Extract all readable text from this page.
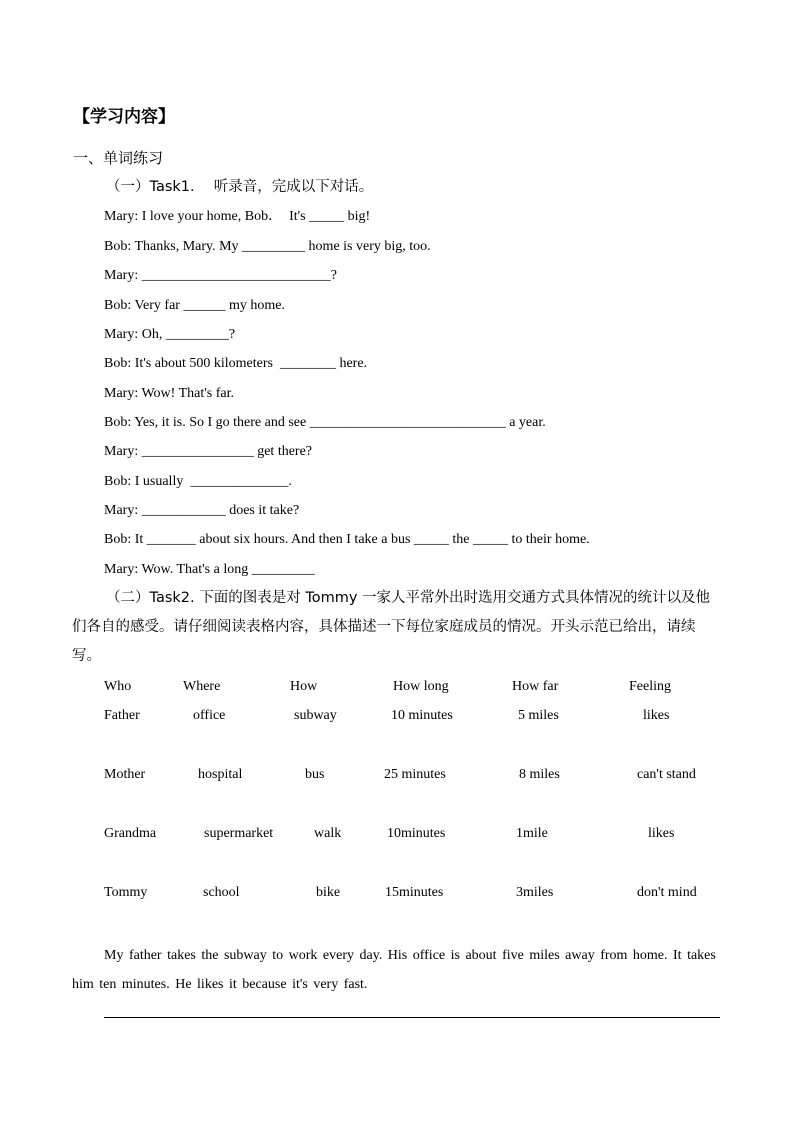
【学习内容】
一、单词练习
（一）Task1．  听录音，完成以下对话。
Mary: I love your home, Bob．  It's _____ big!
Bob: Thanks, Mary. My _________ home is very big, too.
Mary: ___________________________?
Bob: Very far ______ my home.
Mary: Oh, _________?
Bob: It's about 500 kilometers  ________ here.
Mary: Wow! That's far.
Bob: Yes, it is. So I go there and see ____________________________ a year.
Mary: ________________ get there?
Bob: I usually  ______________.
Mary: ____________ does it take?
Bob: It _______ about six hours. And then I take a bus _____ the _____ to their home.
Mary: Wow. That's a long _________
（二）Task2. 下面的图表是对 Tommy 一家人平常外出时选用交通方式具体情况的统计以及他们各自的感受。请仔细阅读表格内容，具体描述一下每位家庭成员的情况。开头示范已给出，请续写。
Who	Where	How	How long	How far	Feeling
Father	office	subway	10 minutes	5 miles	likes
Mother	hospital	bus	25 minutes	8 miles	can't stand
Grandma	supermarket	walk	10minutes	1mile	likes
Tommy	school	bike	15minutes	3miles	don't mind
My father takes the subway to work every day. His office is about five miles away from home. It takes him ten minutes. He likes it because it's very fast.
